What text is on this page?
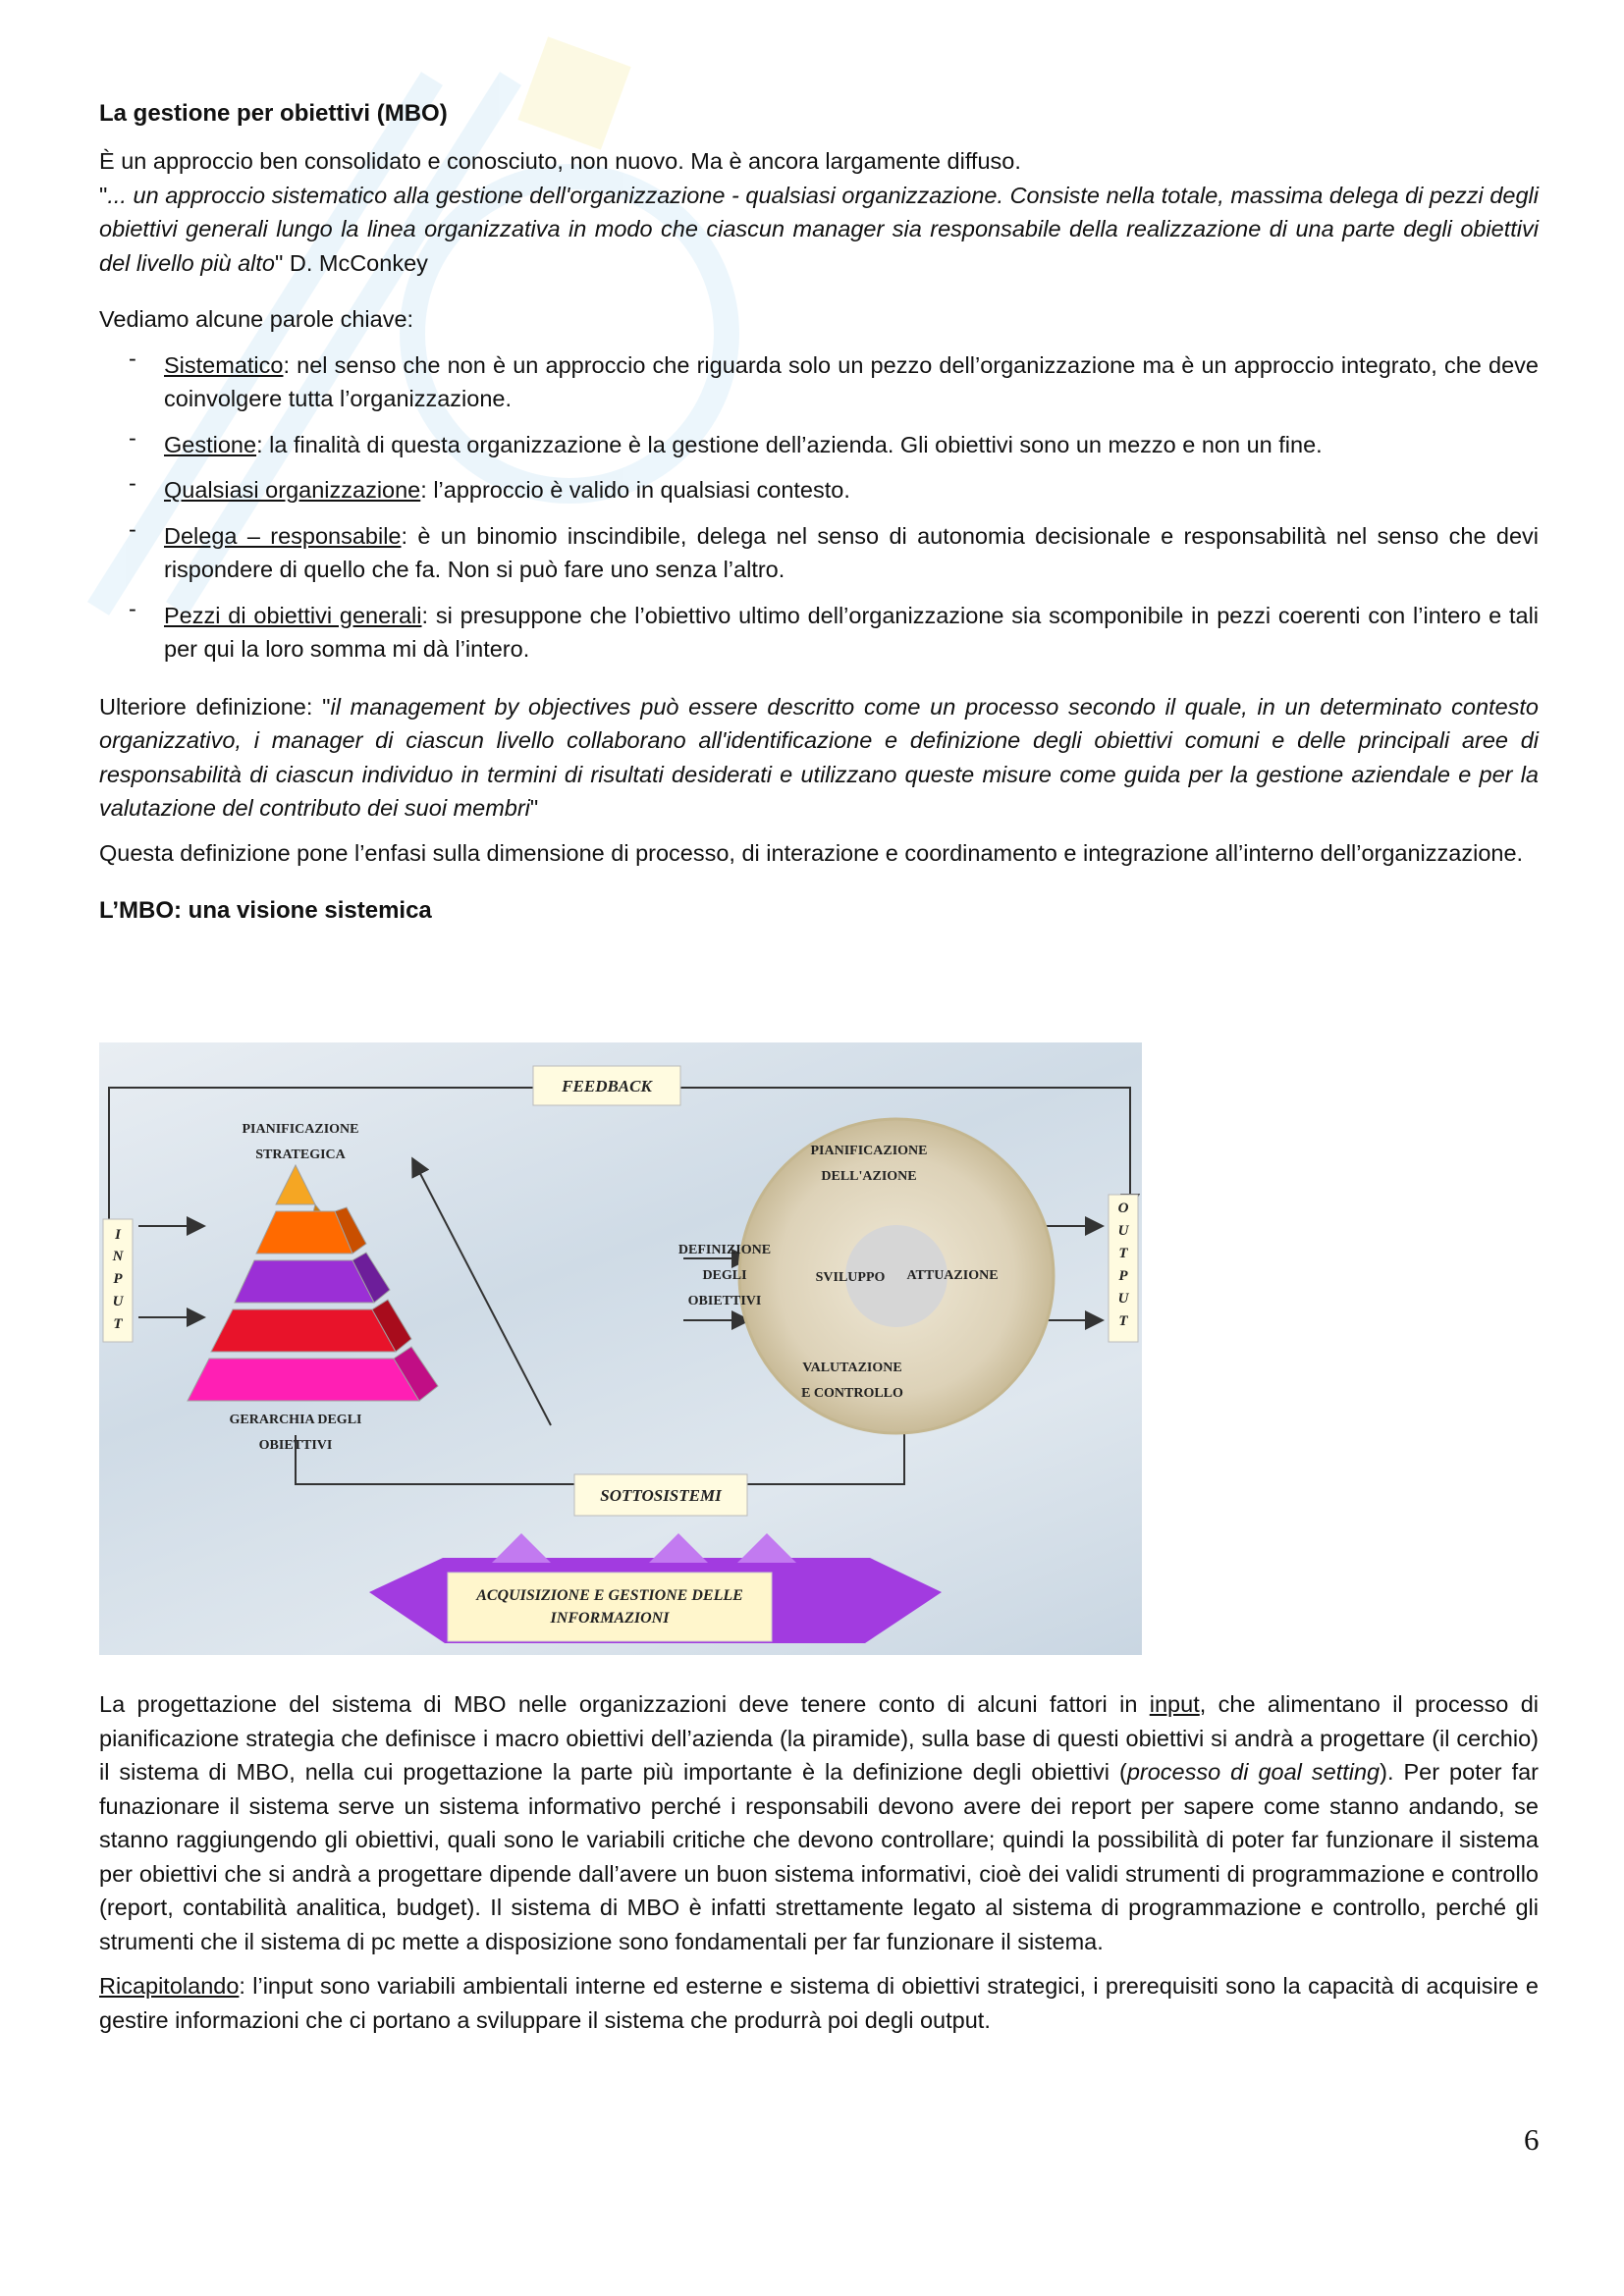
La gestione per obiettivi (MBO)

È un approccio ben consolidato e conosciuto, non nuovo. Ma è ancora largamente diffuso.
"... un approccio sistematico alla gestione dell'organizzazione - qualsiasi organizzazione. Consiste nella totale, massima delega di pezzi degli obiettivi generali lungo la linea organizzativa in modo che ciascun manager sia responsabile della realizzazione di una parte degli obiettivi del livello più alto" D. McConkey

Vediamo alcune parole chiave:

- Sistematico: nel senso che non è un approccio che riguarda solo un pezzo dell’organizzazione ma è un approccio integrato, che deve coinvolgere tutta l’organizzazione.
- Gestione: la finalità di questa organizzazione è la gestione dell’azienda. Gli obiettivi sono un mezzo e non un fine.
- Qualsiasi organizzazione: l’approccio è valido in qualsiasi contesto.
- Delega – responsabile: è un binomio inscindibile, delega nel senso di autonomia decisionale e responsabilità nel senso che devi rispondere di quello che fa. Non si può fare uno senza l’altro.
- Pezzi di obiettivi generali: si presuppone che l’obiettivo ultimo dell’organizzazione sia scomponibile in pezzi coerenti con l’intero e tali per qui la loro somma mi dà l’intero.

Ulteriore definizione: "il management by objectives può essere descritto come un processo secondo il quale, in un determinato contesto organizzativo, i manager di ciascun livello collaborano all'identificazione e definizione degli obiettivi comuni e delle principali aree di responsabilità di ciascun individuo in termini di risultati desiderati e utilizzano queste misure come guida per la gestione aziendale e per la valutazione del contributo dei suoi membri"

Questa definizione pone l’enfasi sulla dimensione di processo, di interazione e coordinamento e integrazione all’interno dell’organizzazione.

L’MBO: una visione sistemica

FEEDBACK
I
N
P
U
T
O
U
T
P
U
T
PIANIFICAZIONE
STRATEGICA
GERARCHIA DEGLI
OBIETTIVI
PIANIFICAZIONE
DELL'AZIONE
DEFINIZIONE
DEGLI
OBIETTIVI
SVILUPPO ATTUAZIONE
VALUTAZIONE
E CONTROLLO
SOTTOSISTEMI
ACQUISIZIONE E GESTIONE DELLE
INFORMAZIONI

La progettazione del sistema di MBO nelle organizzazioni deve tenere conto di alcuni fattori in input, che alimentano il processo di pianificazione strategia che definisce i macro obiettivi dell’azienda (la piramide), sulla base di questi obiettivi si andrà a progettare (il cerchio) il sistema di MBO, nella cui progettazione la parte più importante è la definizione degli obiettivi (processo di goal setting). Per poter far funazionare il sistema serve un sistema informativo perché i responsabili devono avere dei report per sapere come stanno andando, se stanno raggiungendo gli obiettivi, quali sono le variabili critiche che devono controllare; quindi la possibilità di poter far funzionare il sistema per obiettivi che si andrà a progettare dipende dall’avere un buon sistema informativi, cioè dei validi strumenti di programmazione e controllo (report, contabilità analitica, budget). Il sistema di MBO è infatti strettamente legato al sistema di programmazione e controllo, perché gli strumenti che il sistema di pc mette a disposizione sono fondamentali per far funzionare il sistema.

Ricapitolando: l’input sono variabili ambientali interne ed esterne e sistema di obiettivi strategici, i prerequisiti sono la capacità di acquisire e gestire informazioni che ci portano a sviluppare il sistema che produrrà poi degli output.

6
